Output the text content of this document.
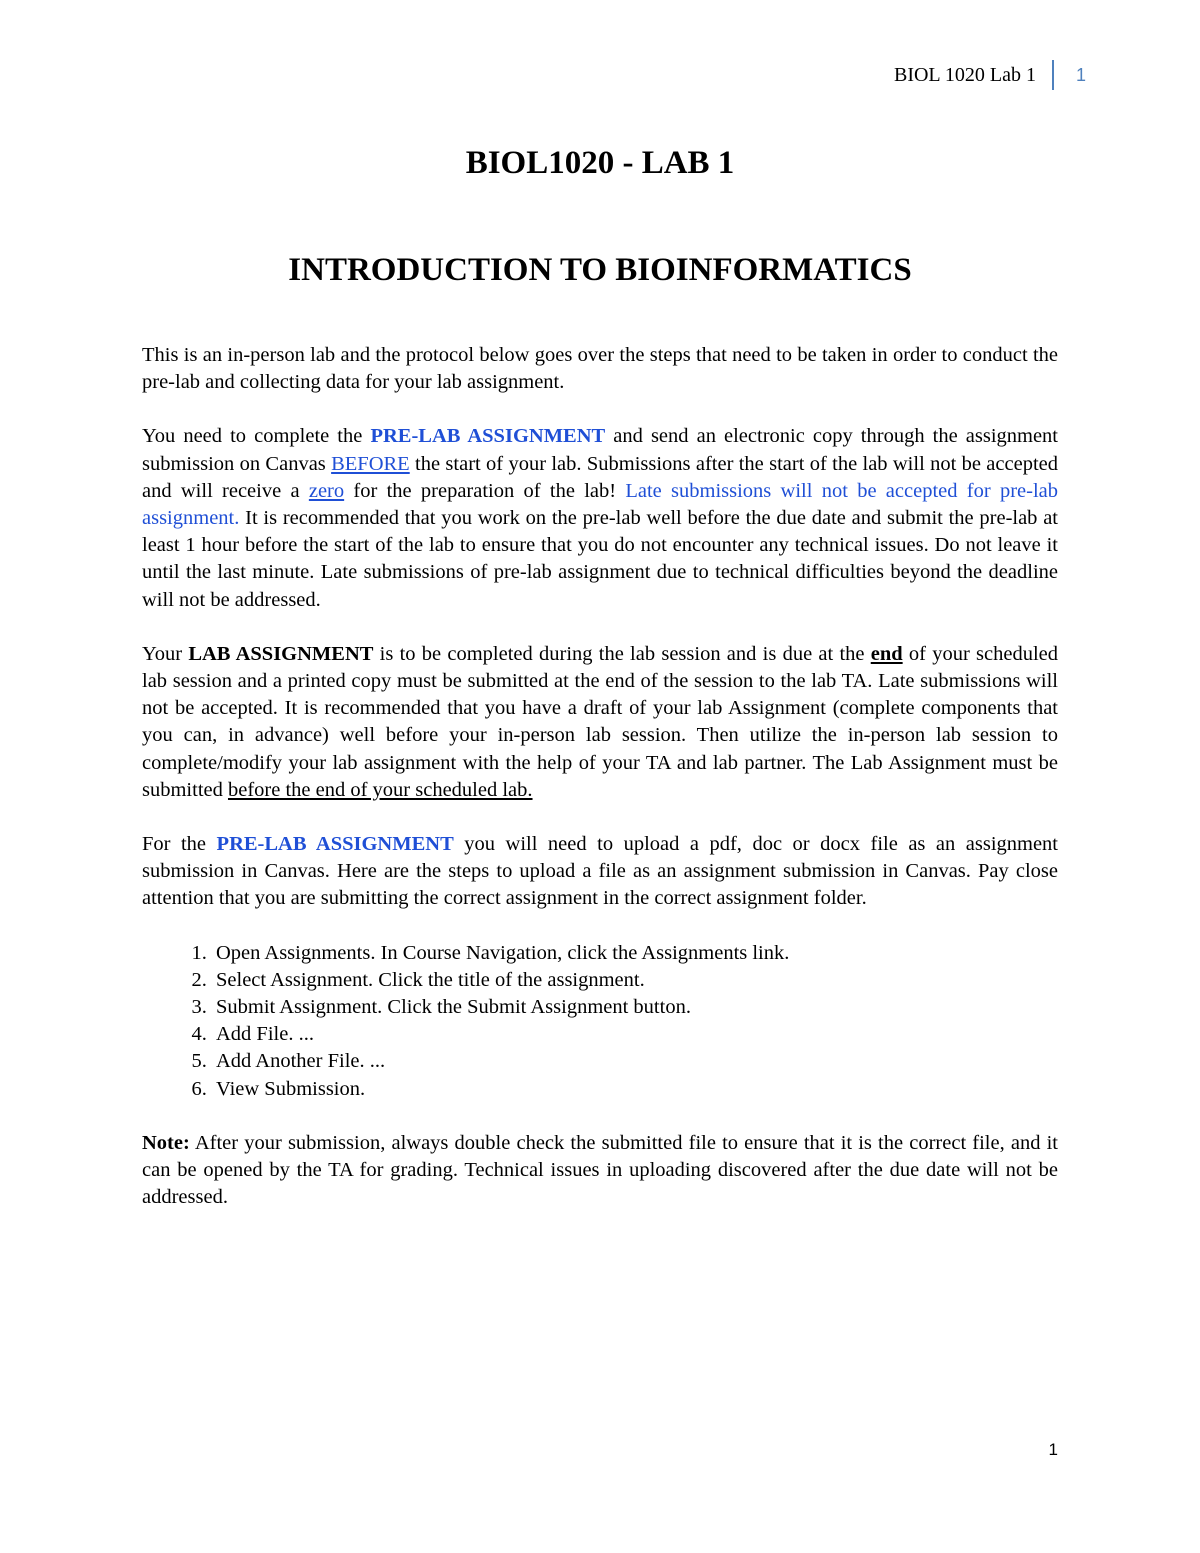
BIOL 1020 Lab 1	1
BIOL1020 - LAB 1
INTRODUCTION TO BIOINFORMATICS

This is an in-person lab and the protocol below goes over the steps that need to be taken in order to conduct the pre-lab and collecting data for your lab assignment.

You need to complete the PRE-LAB ASSIGNMENT and send an electronic copy through the assignment submission on Canvas BEFORE the start of your lab. Submissions after the start of the lab will not be accepted and will receive a zero for the preparation of the lab! Late submissions will not be accepted for pre-lab assignment. It is recommended that you work on the pre-lab well before the due date and submit the pre-lab at least 1 hour before the start of the lab to ensure that you do not encounter any technical issues. Do not leave it until the last minute. Late submissions of pre-lab assignment due to technical difficulties beyond the deadline will not be addressed.

Your LAB ASSIGNMENT is to be completed during the lab session and is due at the end of your scheduled lab session and a printed copy must be submitted at the end of the session to the lab TA. Late submissions will not be accepted. It is recommended that you have a draft of your lab Assignment (complete components that you can, in advance) well before your in-person lab session. Then utilize the in-person lab session to complete/modify your lab assignment with the help of your TA and lab partner. The Lab Assignment must be submitted before the end of your scheduled lab.

For the PRE-LAB ASSIGNMENT you will need to upload a pdf, doc or docx file as an assignment submission in Canvas. Here are the steps to upload a file as an assignment submission in Canvas. Pay close attention that you are submitting the correct assignment in the correct assignment folder.

1. Open Assignments. In Course Navigation, click the Assignments link.
2. Select Assignment. Click the title of the assignment.
3. Submit Assignment. Click the Submit Assignment button.
4. Add File. ...
5. Add Another File. ...
6. View Submission.

Note: After your submission, always double check the submitted file to ensure that it is the correct file, and it can be opened by the TA for grading. Technical issues in uploading discovered after the due date will not be addressed.

1
